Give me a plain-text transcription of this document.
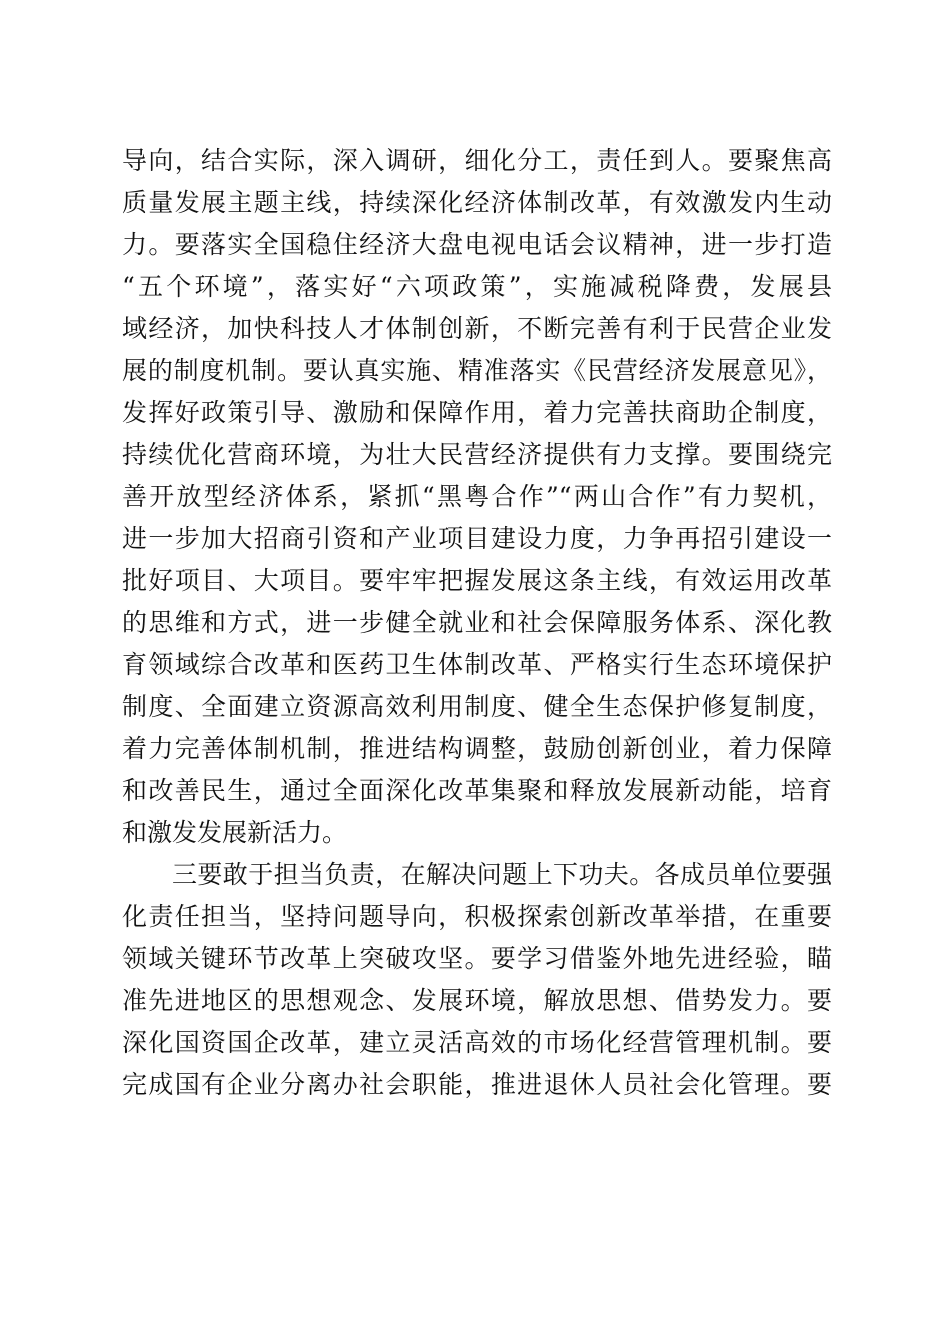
导向，结合实际，深入调研，细化分工，责任到人。要聚焦高
质量发展主题主线，持续深化经济体制改革，有效激发内生动
力。要落实全国稳住经济大盘电视电话会议精神，进一步打造
“五个环境”，落实好“六项政策”，实施减税降费，发展县
域经济，加快科技人才体制创新，不断完善有利于民营企业发
展的制度机制。要认真实施、精准落实《民营经济发展意见》，
发挥好政策引导、激励和保障作用，着力完善扶商助企制度，
持续优化营商环境，为壮大民营经济提供有力支撑。要围绕完
善开放型经济体系，紧抓“黑粤合作”“两山合作”有力契机，
进一步加大招商引资和产业项目建设力度，力争再招引建设一
批好项目、大项目。要牢牢把握发展这条主线，有效运用改革
的思维和方式，进一步健全就业和社会保障服务体系、深化教
育领域综合改革和医药卫生体制改革、严格实行生态环境保护
制度、全面建立资源高效利用制度、健全生态保护修复制度，
着力完善体制机制，推进结构调整，鼓励创新创业，着力保障
和改善民生，通过全面深化改革集聚和释放发展新动能，培育
和激发发展新活力。
三要敢于担当负责，在解决问题上下功夫。各成员单位要强
化责任担当，坚持问题导向，积极探索创新改革举措，在重要
领域关键环节改革上突破攻坚。要学习借鉴外地先进经验，瞄
准先进地区的思想观念、发展环境，解放思想、借势发力。要
深化国资国企改革，建立灵活高效的市场化经营管理机制。要
完成国有企业分离办社会职能，推进退休人员社会化管理。要
